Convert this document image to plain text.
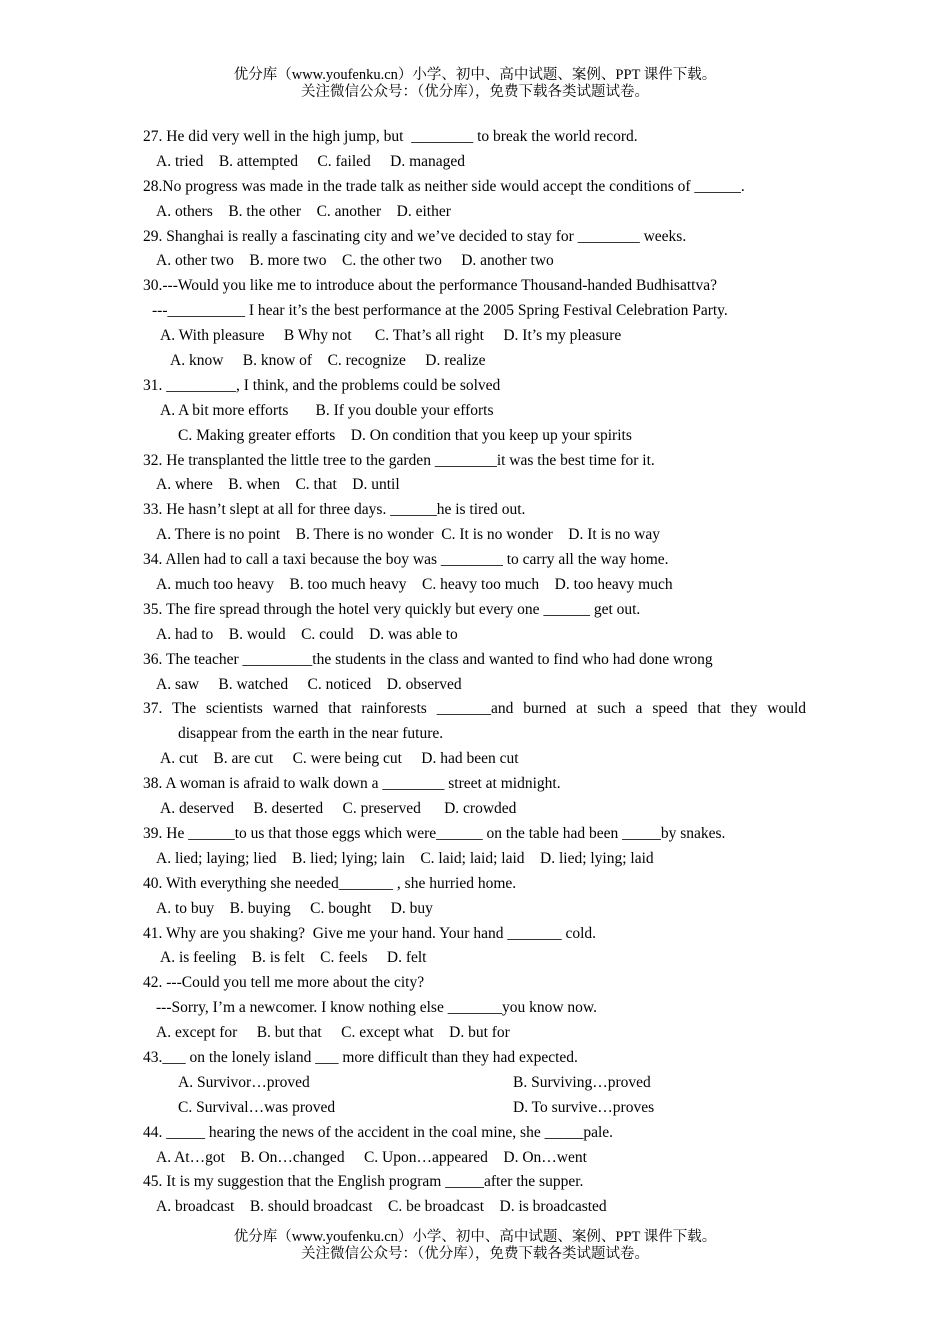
优分库（www.youfenku.cn）小学、初中、高中试题、案例、PPT 课件下载。
关注微信公众号：（优分库），免费下载各类试题试卷。
27. He did very well in the high jump, but  ________ to break the world record.
A. tried    B. attempted     C. failed     D. managed
28.No progress was made in the trade talk as neither side would accept the conditions of ______.
A. others    B. the other    C. another    D. either
29. Shanghai is really a fascinating city and we’ve decided to stay for ________ weeks.
A. other two    B. more two    C. the other two     D. another two
30.---Would you like me to introduce about the performance Thousand-handed Budhisattva?
---__________ I hear it’s the best performance at the 2005 Spring Festival Celebration Party.
A. With pleasure     B Why not      C. That’s all right     D. It’s my pleasure
A. know     B. know of    C. recognize     D. realize
31. _________, I think, and the problems could be solved
A. A bit more efforts       B. If you double your efforts
C. Making greater efforts    D. On condition that you keep up your spirits
32. He transplanted the little tree to the garden ________it was the best time for it.
A. where    B. when    C. that    D. until
33. He hasn’t slept at all for three days. ______he is tired out.
A. There is no point    B. There is no wonder  C. It is no wonder    D. It is no way
34. Allen had to call a taxi because the boy was ________ to carry all the way home.
A. much too heavy    B. too much heavy    C. heavy too much    D. too heavy much
35. The fire spread through the hotel very quickly but every one ______ get out.
A. had to    B. would    C. could    D. was able to
36. The teacher _________the students in the class and wanted to find who had done wrong
A. saw     B. watched     C. noticed    D. observed
37. The scientists warned that rainforests _______and burned at such a speed that they would
disappear from the earth in the near future.
A. cut    B. are cut     C. were being cut     D. had been cut
38. A woman is afraid to walk down a ________ street at midnight.
A. deserved     B. deserted     C. preserved      D. crowded
39. He ______to us that those eggs which were______ on the table had been _____by snakes.
A. lied; laying; lied    B. lied; lying; lain    C. laid; laid; laid    D. lied; lying; laid
40. With everything she needed_______ , she hurried home.
A. to buy    B. buying     C. bought     D. buy
41. Why are you shaking?  Give me your hand. Your hand _______ cold.
A. is feeling    B. is felt    C. feels     D. felt
42. ---Could you tell me more about the city?
---Sorry, I’m a newcomer. I know nothing else _______you know now.
A. except for     B. but that     C. except what    D. but for
43.___ on the lonely island ___ more difficult than they had expected.
A. Survivor…proved	B. Surviving…proved
C. Survival…was proved	D. To survive…proves
44. _____ hearing the news of the accident in the coal mine, she _____pale.
A. At…got    B. On…changed     C. Upon…appeared    D. On…went
45. It is my suggestion that the English program _____after the supper.
A. broadcast    B. should broadcast    C. be broadcast    D. is broadcasted
优分库（www.youfenku.cn）小学、初中、高中试题、案例、PPT 课件下载。
关注微信公众号：（优分库），免费下载各类试题试卷。
